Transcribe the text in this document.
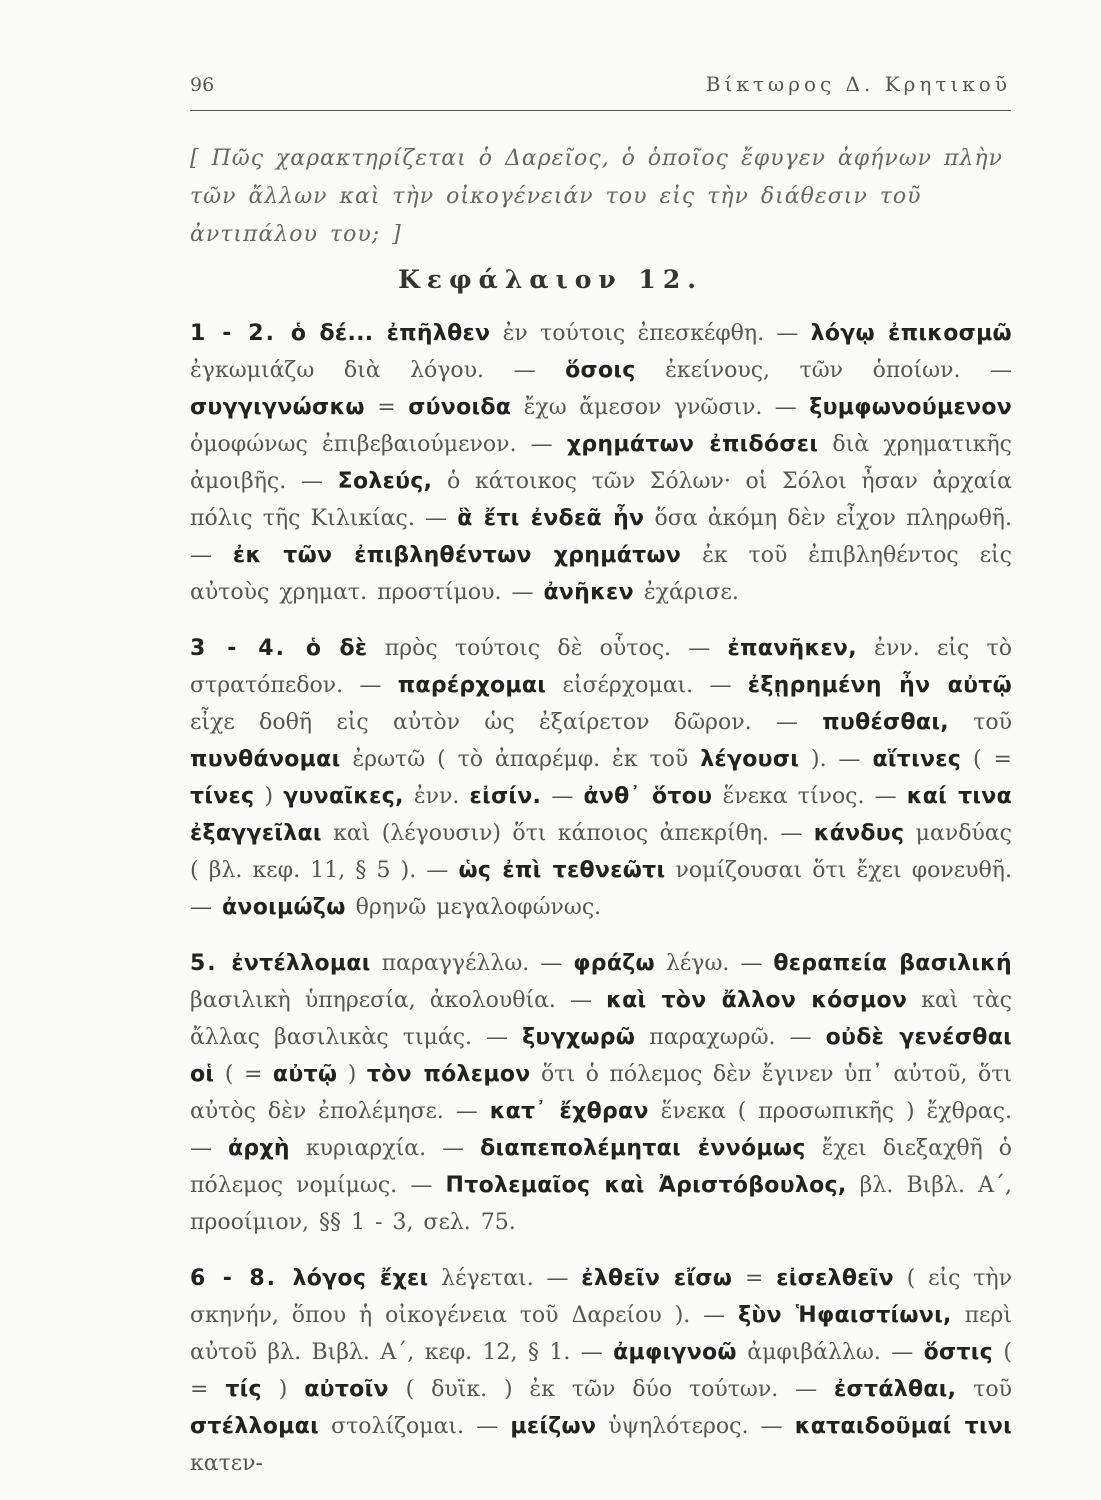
96	Βίκτωρος Δ. Κρητικοῦ
[ Πῶς χαρακτηρίζεται ὁ Δαρεῖος, ὁ ὁποῖος ἔφυγεν ἀφήνων πλὴν τῶν ἄλλων καὶ τὴν οἰκογένειάν του εἰς τὴν διάθεσιν τοῦ ἀντιπάλου του; ]
Κεφάλαιον 12.

1 - 2. ὁ δέ... ἐπῆλθεν ἐν τούτοις ἐπεσκέφθη. — λόγῳ ἐπικοσμῶ ἐγκωμιάζω διὰ λόγου. — ὅσοις ἐκείνους, τῶν ὁποίων. — συγγιγνώσκω = σύνοιδα ἔχω ἄμεσον γνῶσιν. — ξυμφωνούμενον ὁμοφώνως ἐπιβεβαιούμενον. — χρημάτων ἐπιδόσει διὰ χρηματικῆς ἀμοιβῆς. — Σολεύς, ὁ κάτοικος τῶν Σόλων· οἱ Σόλοι ἦσαν ἀρχαία πόλις τῆς Κιλικίας. — ἃ ἔτι ἐνδεᾶ ἦν ὅσα ἀκόμη δὲν εἶχον πληρωθῆ. — ἐκ τῶν ἐπιβληθέντων χρημάτων ἐκ τοῦ ἐπιβληθέντος εἰς αὐτοὺς χρηματ. προστίμου. — ἀνῆκεν ἐχάρισε.

3 - 4. ὁ δὲ πρὸς τούτοις δὲ οὗτος. — ἐπανῆκεν, ἐνν. εἰς τὸ στρατόπεδον. — παρέρχομαι εἰσέρχομαι. — ἐξῃρημένη ἦν αὐτῷ εἶχε δοθῆ εἰς αὐτὸν ὡς ἐξαίρετον δῶρον. — πυθέσθαι, τοῦ πυνθάνομαι ἐρωτῶ ( τὸ ἀπαρέμφ. ἐκ τοῦ λέγουσι ). — αἵτινες ( = τίνες ) γυναῖκες, ἐνν. εἰσίν. — ἀνθ᾽ ὅτου ἕνεκα τίνος. — καί τινα ἐξαγγεῖλαι καὶ (λέγουσιν) ὅτι κάποιος ἀπεκρίθη. — κάνδυς μανδύας ( βλ. κεφ. 11, § 5 ). — ὡς ἐπὶ τεθνεῶτι νομίζουσαι ὅτι ἔχει φονευθῆ. — ἀνοιμώζω θρηνῶ μεγαλοφώνως.

5. ἐντέλλομαι παραγγέλλω. — φράζω λέγω. — θεραπεία βασιλική βασιλικὴ ὑπηρεσία, ἀκολουθία. — καὶ τὸν ἄλλον κόσμον καὶ τὰς ἄλλας βασιλικὰς τιμάς. — ξυγχωρῶ παραχωρῶ. — οὐδὲ γενέσθαι οἱ ( = αὐτῷ ) τὸν πόλεμον ὅτι ὁ πόλεμος δὲν ἔγινεν ὑπ᾽ αὐτοῦ, ὅτι αὐτὸς δὲν ἐπολέμησε. — κατ᾽ ἔχθραν ἕνεκα ( προσωπικῆς ) ἔχθρας. — ἀρχὴ κυριαρχία. — διαπεπολέμηται ἐννόμως ἔχει διεξαχθῆ ὁ πόλεμος νομίμως. — Πτολεμαῖος καὶ Ἀριστόβουλος, βλ. Βιβλ. Α΄, προοίμιον, §§ 1 - 3, σελ. 75.

6 - 8. λόγος ἔχει λέγεται. — ἐλθεῖν εἴσω = εἰσελθεῖν ( εἰς τὴν σκηνήν, ὅπου ἡ οἰκογένεια τοῦ Δαρείου ). — ξὺν Ἡφαιστίωνι, περὶ αὐτοῦ βλ. Βιβλ. Α΄, κεφ. 12, § 1. — ἀμφιγνοῶ ἀμφιβάλλω. — ὅστις ( = τίς ) αὐτοῖν ( δυϊκ. ) ἐκ τῶν δύο τούτων. — ἐστάλθαι, τοῦ στέλλομαι στολίζομαι. — μείζων ὑψηλότερος. — καταιδοῦμαί τινι κατεν-
